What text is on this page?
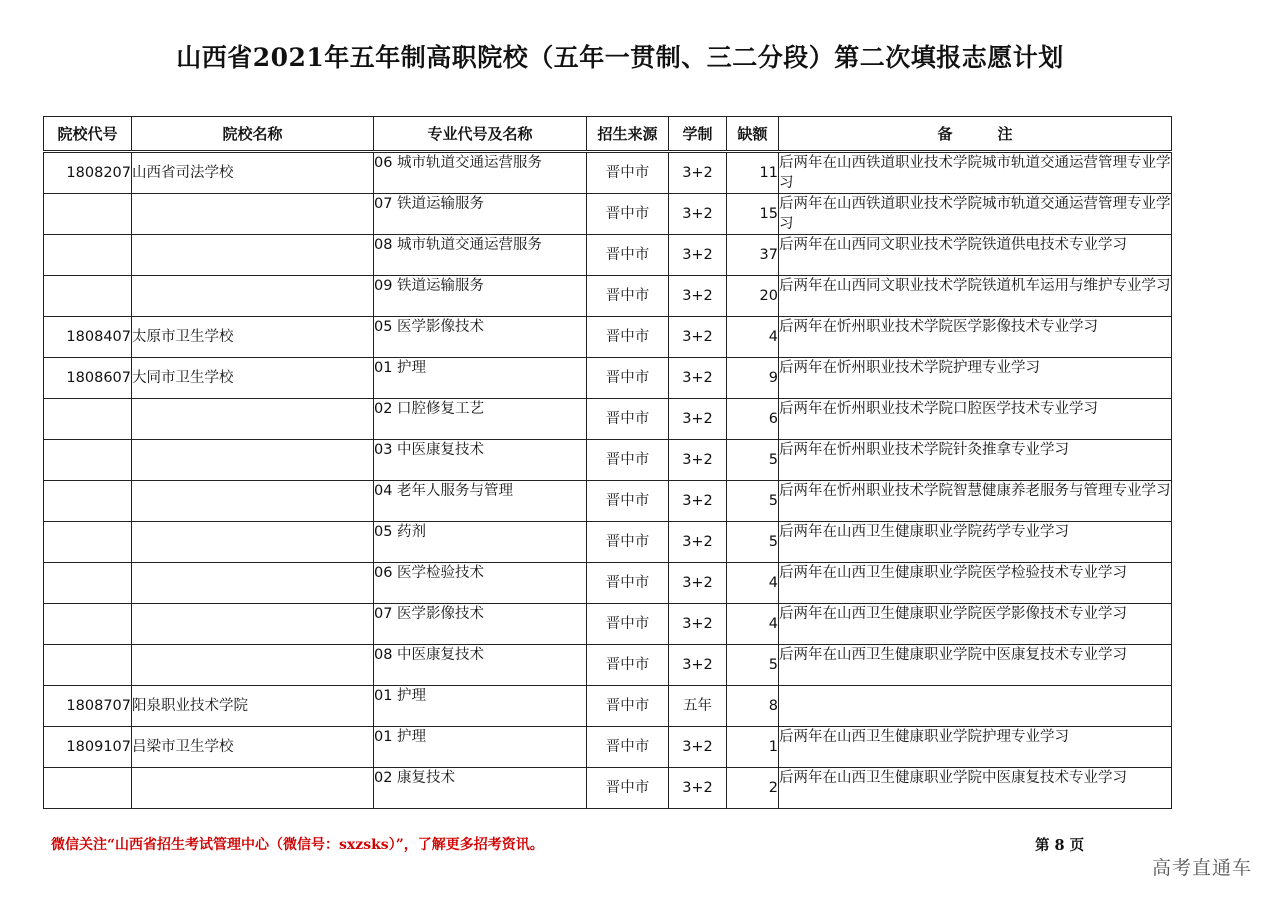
山西省2021年五年制高职院校（五年一贯制、三二分段）第二次填报志愿计划
院校代号	院校名称	专业代号及名称	招生来源	学制	缺额	备　　　注
1808207	山西省司法学校	06 城市轨道交通运营服务	晋中市	3+2	11	后两年在山西铁道职业技术学院城市轨道交通运营管理专业学习
		07 铁道运输服务	晋中市	3+2	15	后两年在山西铁道职业技术学院城市轨道交通运营管理专业学习
		08 城市轨道交通运营服务	晋中市	3+2	37	后两年在山西同文职业技术学院铁道供电技术专业学习
		09 铁道运输服务	晋中市	3+2	20	后两年在山西同文职业技术学院铁道机车运用与维护专业学习
1808407	太原市卫生学校	05 医学影像技术	晋中市	3+2	4	后两年在忻州职业技术学院医学影像技术专业学习
1808607	大同市卫生学校	01 护理	晋中市	3+2	9	后两年在忻州职业技术学院护理专业学习
		02 口腔修复工艺	晋中市	3+2	6	后两年在忻州职业技术学院口腔医学技术专业学习
		03 中医康复技术	晋中市	3+2	5	后两年在忻州职业技术学院针灸推拿专业学习
		04 老年人服务与管理	晋中市	3+2	5	后两年在忻州职业技术学院智慧健康养老服务与管理专业学习
		05 药剂	晋中市	3+2	5	后两年在山西卫生健康职业学院药学专业学习
		06 医学检验技术	晋中市	3+2	4	后两年在山西卫生健康职业学院医学检验技术专业学习
		07 医学影像技术	晋中市	3+2	4	后两年在山西卫生健康职业学院医学影像技术专业学习
		08 中医康复技术	晋中市	3+2	5	后两年在山西卫生健康职业学院中医康复技术专业学习
1808707	阳泉职业技术学院	01 护理	晋中市	五年	8	
1809107	吕梁市卫生学校	01 护理	晋中市	3+2	1	后两年在山西卫生健康职业学院护理专业学习
		02 康复技术	晋中市	3+2	2	后两年在山西卫生健康职业学院中医康复技术专业学习
微信关注“山西省招生考试管理中心（微信号：sxzsks）”，了解更多招考资讯。	第 8 页
高考直通车
